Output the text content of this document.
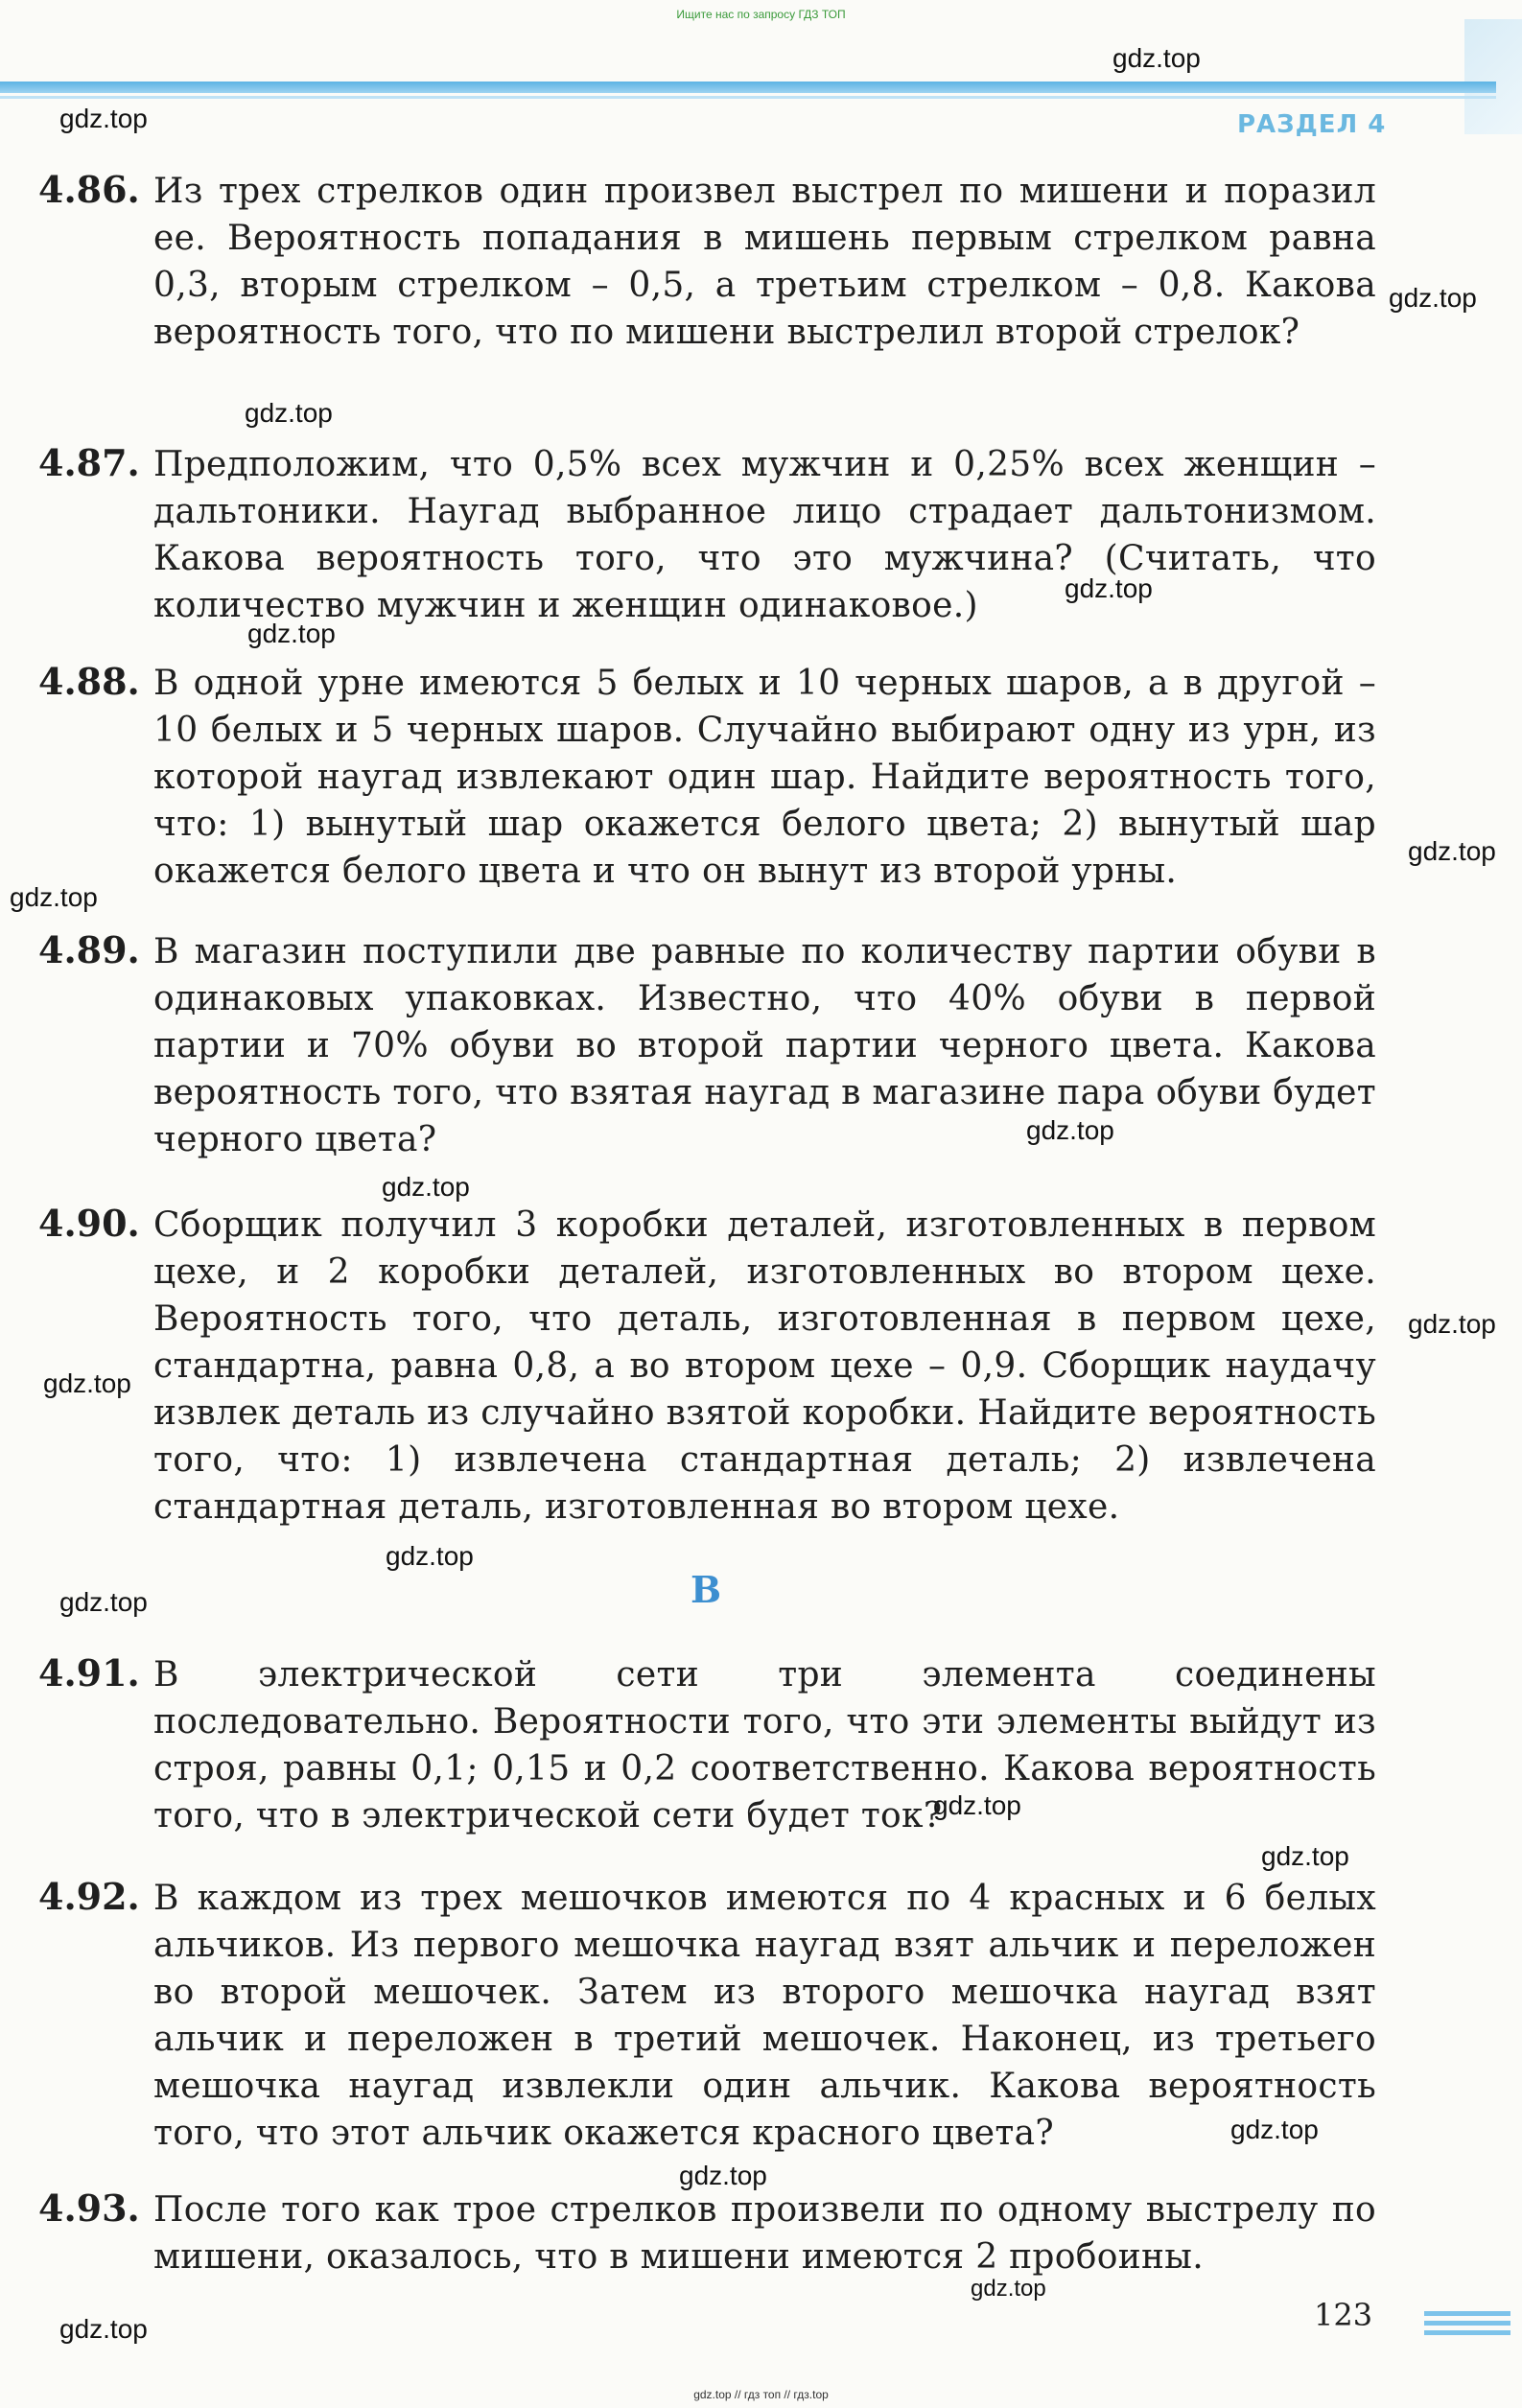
Ищите нас по запросу ГДЗ ТОП
РАЗДЕЛ 4
gdz.top
gdz.top
gdz.top
gdz.top
gdz.top
gdz.top
gdz.top
gdz.top
gdz.top
gdz.top
gdz.top
gdz.top
gdz.top
gdz.top
gdz.top
gdz.top
gdz.top
gdz.top
gdz.top
gdz.top
4.86. Из трех стрелков один произвел выстрел по мишени и поразил ее. Вероятность попадания в мишень первым стрелком равна 0,3, вторым стрелком – 0,5, а третьим стрелком – 0,8. Какова вероятность того, что по мишени выстрелил второй стрелок?
4.87. Предположим, что 0,5% всех мужчин и 0,25% всех женщин – дальтоники. Наугад выбранное лицо страдает дальтонизмом. Какова вероятность того, что это мужчина? (Считать, что количество мужчин и женщин одинаковое.)
4.88. В одной урне имеются 5 белых и 10 черных шаров, а в другой – 10 белых и 5 черных шаров. Случайно выбирают одну из урн, из которой наугад извлекают один шар. Найдите вероятность того, что: 1) вынутый шар окажется белого цвета; 2) вынутый шар окажется белого цвета и что он вынут из второй урны.
4.89. В магазин поступили две равные по количеству партии обуви в одинаковых упаковках. Известно, что 40% обуви в первой партии и 70% обуви во второй партии черного цвета. Какова вероятность того, что взятая наугад в магазине пара обуви будет черного цвета?
4.90. Сборщик получил 3 коробки деталей, изготовленных в первом цехе, и 2 коробки деталей, изготовленных во втором цехе. Вероятность того, что деталь, изготовленная в первом цехе, стандартна, равна 0,8, а во втором цехе – 0,9. Сборщик наудачу извлек деталь из случайно взятой коробки. Найдите вероятность того, что: 1) извлечена стандартная деталь; 2) извлечена стандартная деталь, изготовленная во втором цехе.
B
4.91. В электрической сети три элемента соединены последовательно. Вероятности того, что эти элементы выйдут из строя, равны 0,1; 0,15 и 0,2 соответственно. Какова вероятность того, что в электрической сети будет ток?
4.92. В каждом из трех мешочков имеются по 4 красных и 6 белых альчиков. Из первого мешочка наугад взят альчик и переложен во второй мешочек. Затем из второго мешочка наугад взят альчик и переложен в третий мешочек. Наконец, из третьего мешочка наугад извлекли один альчик. Какова вероятность того, что этот альчик окажется красного цвета?
4.93. После того как трое стрелков произвели по одному выстрелу по мишени, оказалось, что в мишени имеются 2 пробоины.
123
gdz.top // гдз топ // гдз.top
